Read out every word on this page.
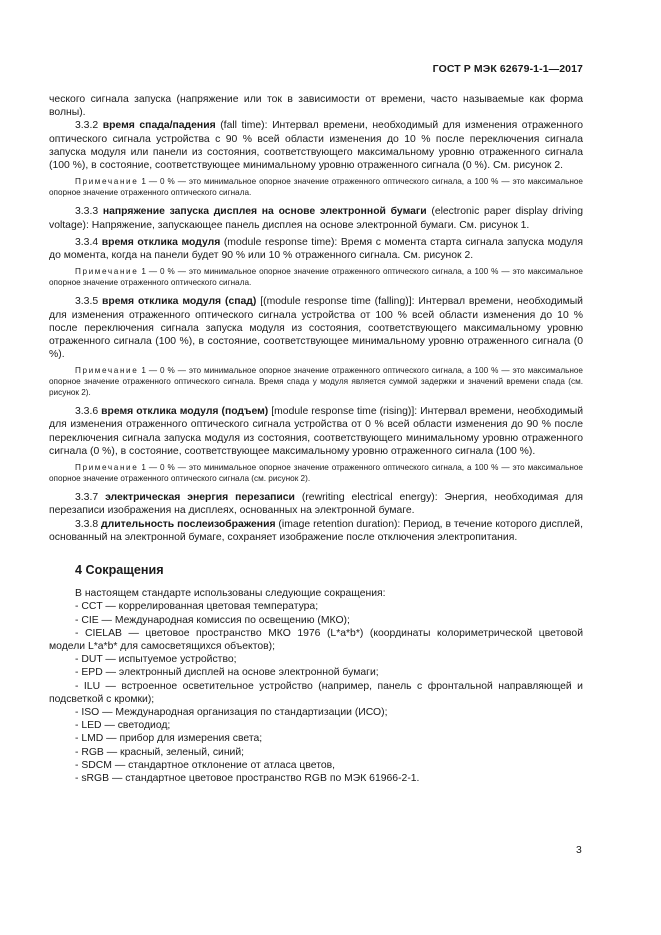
ГОСТ Р МЭК 62679-1-1—2017

ческого сигнала запуска (напряжение или ток в зависимости от времени, часто называемые как форма волны).

3.3.2 время спада/падения (fall time): Интервал времени, необходимый для изменения отраженного оптического сигнала устройства с 90 % всей области изменения до 10 % после переключения сигнала запуска модуля или панели из состояния, соответствующего максимальному уровню отраженного сигнала (100 %), в состояние, соответствующее минимальному уровню отраженного сигнала (0 %). См. рисунок 2.

Примечание 1 — 0 % — это минимальное опорное значение отраженного оптического сигнала, а 100 % — это максимальное опорное значение отраженного оптического сигнала.

3.3.3 напряжение запуска дисплея на основе электронной бумаги (electronic paper display driving voltage): Напряжение, запускающее панель дисплея на основе электронной бумаги. См. рисунок 1.

3.3.4 время отклика модуля (module response time): Время с момента старта сигнала запуска модуля до момента, когда на панели будет 90 % или 10 % отраженного сигнала. См. рисунок 2.

Примечание 1 — 0 % — это минимальное опорное значение отраженного оптического сигнала, а 100 % — это максимальное опорное значение отраженного оптического сигнала.

3.3.5 время отклика модуля (спад) [(module response time (falling)]: Интервал времени, необходимый для изменения отраженного оптического сигнала устройства от 100 % всей области изменения до 10 % после переключения сигнала запуска модуля из состояния, соответствующего максимальному уровню отраженного сигнала (100 %), в состояние, соответствующее минимальному уровню отраженного сигнала (0 %).

Примечание 1 — 0 % — это минимальное опорное значение отраженного оптического сигнала, а 100 % — это максимальное опорное значение отраженного оптического сигнала. Время спада у модуля является суммой задержки и значений времени спада (см. рисунок 2).

3.3.6 время отклика модуля (подъем) [module response time (rising)]: Интервал времени, необходимый для изменения отраженного оптического сигнала устройства от 0 % всей области изменения до 90 % после переключения сигнала запуска модуля из состояния, соответствующего минимальному уровню отраженного сигнала (0 %), в состояние, соответствующее максимальному уровню отраженного сигнала (100 %).

Примечание 1 — 0 % — это минимальное опорное значение отраженного оптического сигнала, а 100 % — это максимальное опорное значение отраженного оптического сигнала (см. рисунок 2).

3.3.7 электрическая энергия перезаписи (rewriting electrical energy): Энергия, необходимая для перезаписи изображения на дисплеях, основанных на электронной бумаге.

3.3.8 длительность послеизображения (image retention duration): Период, в течение которого дисплей, основанный на электронной бумаге, сохраняет изображение после отключения электропитания.

4 Сокращения

В настоящем стандарте использованы следующие сокращения:

- CCT — коррелированная цветовая температура;
- CIE — Международная комиссия по освещению (МКО);
- CIELAB — цветовое пространство МКО 1976 (L*a*b*) (координаты колориметрической цветовой модели L*a*b* для самосветящихся объектов);
- DUT — испытуемое устройство;
- EPD — электронный дисплей на основе электронной бумаги;
- ILU — встроенное осветительное устройство (например, панель с фронтальной направляющей и подсветкой с кромки);
- ISO — Международная организация по стандартизации (ИСО);
- LED — светодиод;
- LMD — прибор для измерения света;
- RGB — красный, зеленый, синий;
- SDCM — стандартное отклонение от атласа цветов,
- sRGB — стандартное цветовое пространство RGB по МЭК 61966-2-1.
3
